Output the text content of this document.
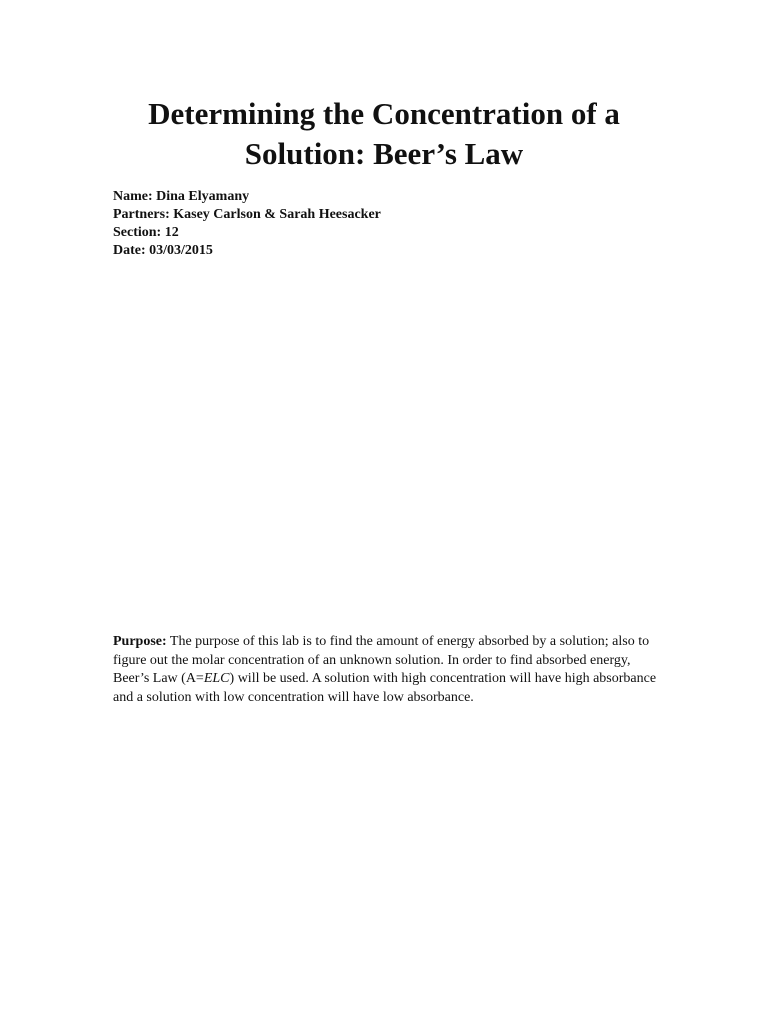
Determining the Concentration of a
Solution: Beer’s Law
Name: Dina Elyamany
Partners: Kasey Carlson & Sarah Heesacker
Section: 12
Date: 03/03/2015

Purpose: The purpose of this lab is to find the amount of energy absorbed by a solution; also to figure out the molar concentration of an unknown solution. In order to find absorbed energy, Beer’s Law (A=ELC) will be used. A solution with high concentration will have high absorbance and a solution with low concentration will have low absorbance.
